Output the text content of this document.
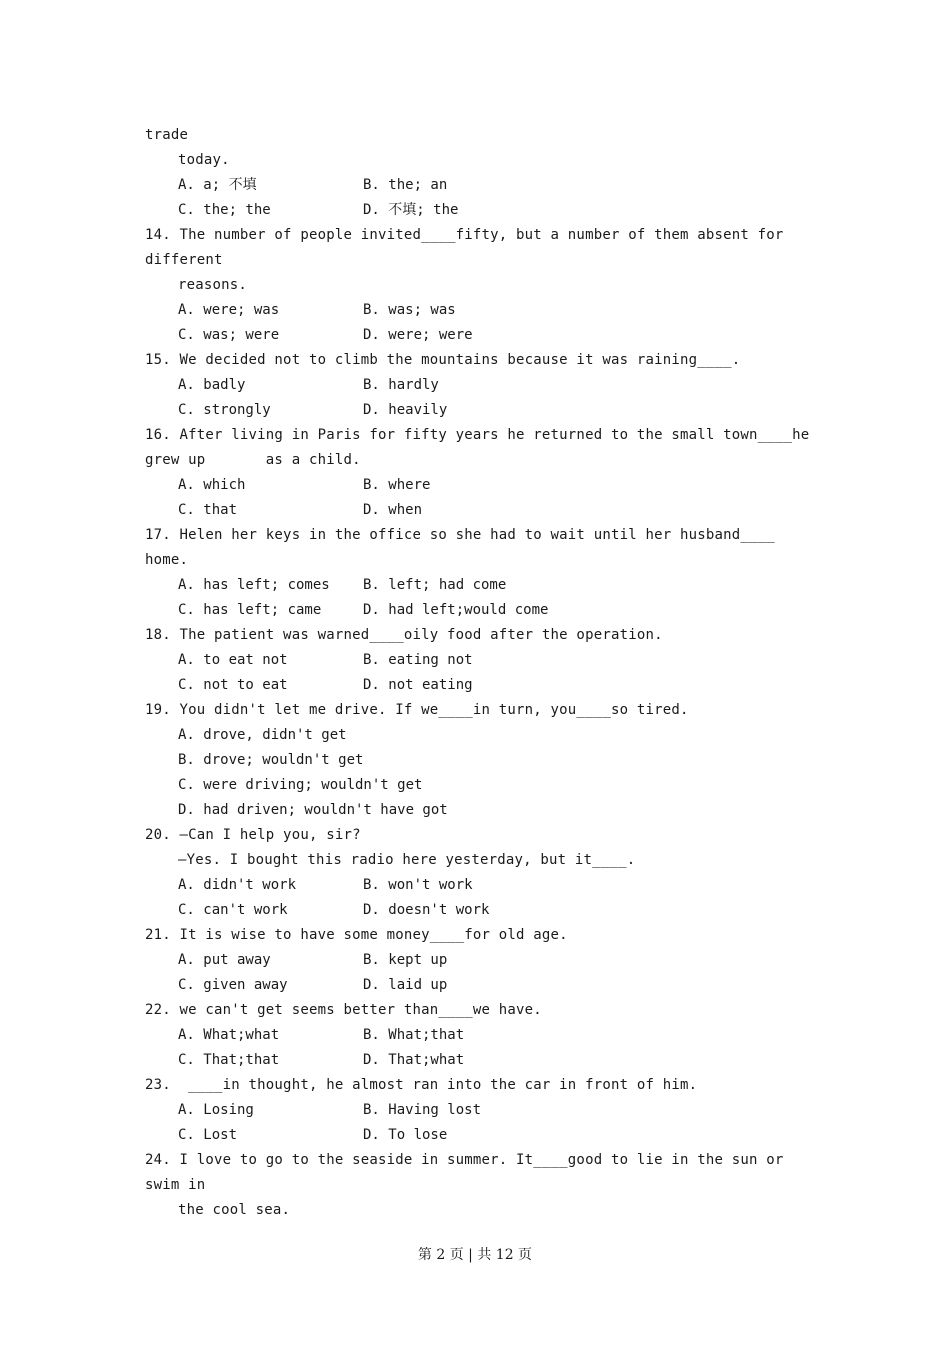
trade
today.
A. a; 不填	B. the; an
C. the; the	D. 不填; the
14. The number of people invited____fifty, but a number of them absent for
different
reasons.
A. were; was	B. was; was
C. was; were	D. were; were
15. We decided not to climb the mountains because it was raining____.
A. badly	B. hardly
C. strongly	D. heavily
16. After living in Paris for fifty years he returned to the small town____he
grew up       as a child.
A. which	B. where
C. that	D. when
17. Helen her keys in the office so she had to wait until her husband____
home.
A. has left; comes B. left; had come
C. has left; came	D. had left;would come
18. The patient was warned____oily food after the operation.
A. to eat not	B. eating not
C. not to eat	D. not eating
19. You didn't let me drive. If we____in turn, you____so tired.
A. drove, didn't get
B. drove; wouldn't get
C. were driving; wouldn't get
D. had driven; wouldn't have got
20. —Can I help you, sir?
—Yes. I bought this radio here yesterday, but it____.
A. didn't work	B. won't work
C. can't work	D. doesn't work
21. It is wise to have some money____for old age.
A. put away	B. kept up
C. given away	D. laid up
22. we can't get seems better than____we have.
A. What;what	B. What;that
C. That;that	D. That;what
23.  ____in thought, he almost ran into the car in front of him.
A. Losing	B. Having lost
C. Lost	D. To lose
24. I love to go to the seaside in summer. It____good to lie in the sun or
swim in
the cool sea.
第 2 页 | 共 12 页
